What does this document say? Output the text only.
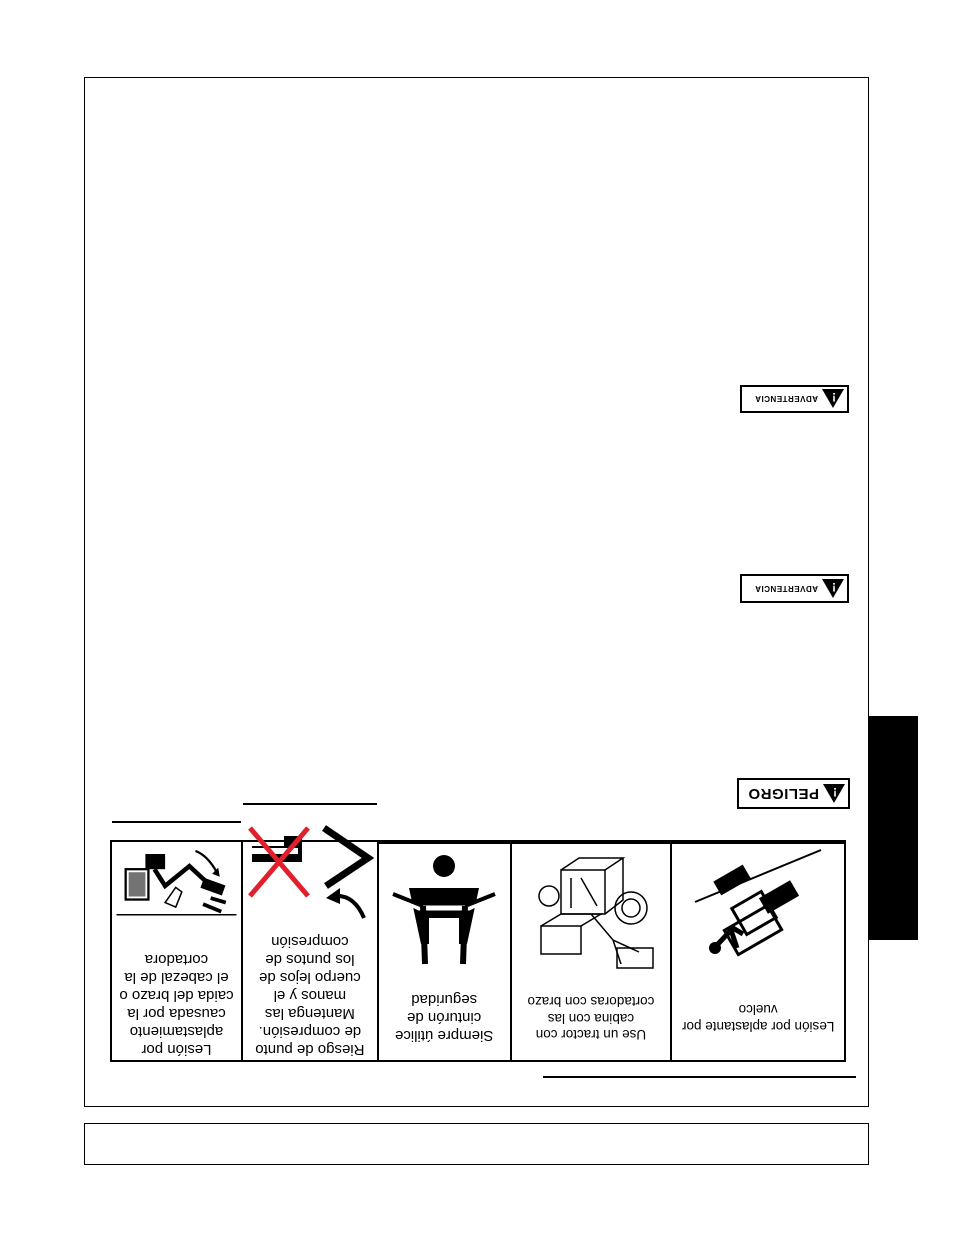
!
ADVERTENCIA
!
ADVERTENCIA
!
PELIGRO
Lesión por aplastante por vuelco
Use un tractor con cabina con las cortadoras con brazo
Siempre útilice cinturón de seguridad
Riesgo de punto de compresión. Mantenga las manos y el cuerpo lejos de los puntos de compresión
Lesión por aplastamiento causada por la caida del brazo o el cabezal de la cortadora
